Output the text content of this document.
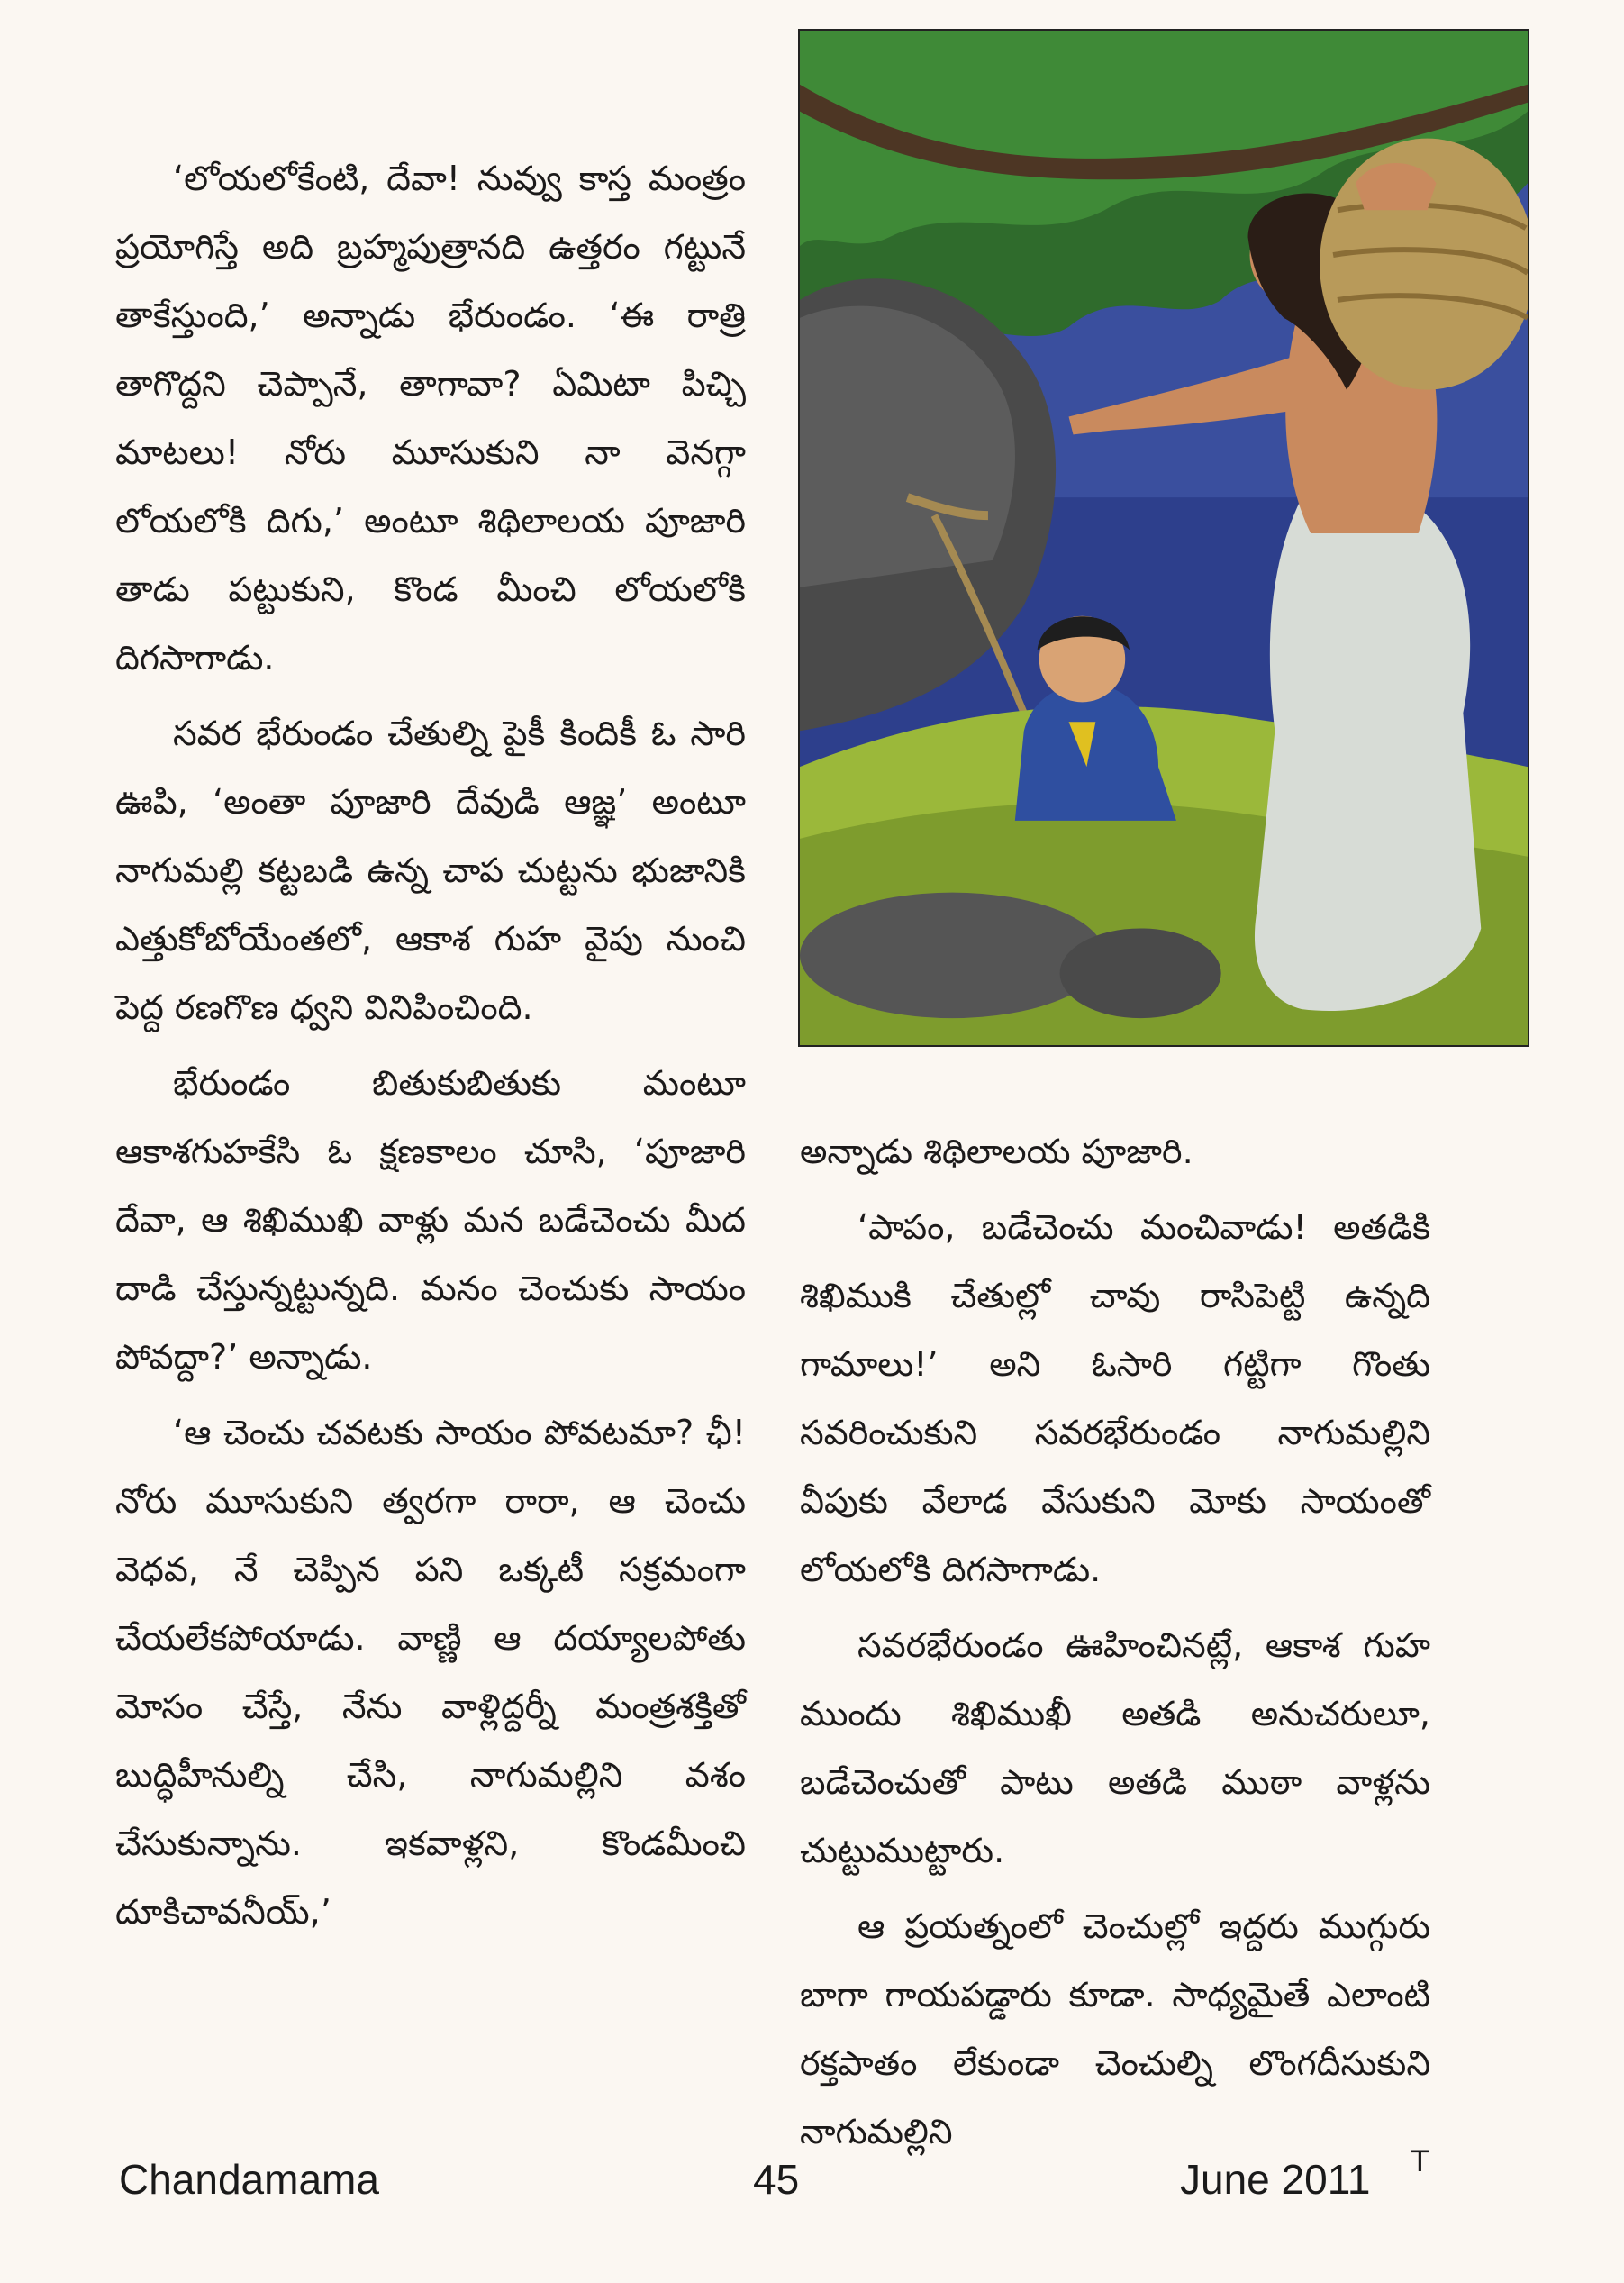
‘లోయలోకేంటి, దేవా! నువ్వు కాస్త మంత్రం ప్రయోగిస్తే అది బ్రహ్మపుత్రానది ఉత్తరం గట్టునే తాకేస్తుంది,’ అన్నాడు భేరుండం. ‘ఈ రాత్రి తాగొద్దని చెప్పానే, తాగావా? ఏమిటా పిచ్చి మాటలు! నోరు మూసుకుని నా వెనగ్గా లోయలోకి దిగు,’ అంటూ శిథిలాలయ పూజారి తాడు పట్టుకుని, కొండ మీంచి లోయలోకి దిగసాగాడు.

సవర భేరుండం చేతుల్ని పైకీ కిందికీ ఓ సారి ఊపి, ‘అంతా పూజారి దేవుడి ఆజ్ఞ’ అంటూ నాగుమల్లి కట్టబడి ఉన్న చాప చుట్టను భుజానికి ఎత్తుకోబోయేంతలో, ఆకాశ గుహ వైపు నుంచి పెద్ద రణగొణ ధ్వని వినిపించింది.

భేరుండం బితుకుబితుకు మంటూ ఆకాశగుహకేసి ఓ క్షణకాలం చూసి, ‘పూజారి దేవా, ఆ శిఖిముఖి వాళ్లు మన బడేచెంచు మీద దాడి చేస్తున్నట్టున్నది. మనం చెంచుకు సాయం పోవద్దా?’ అన్నాడు.

‘ఆ చెంచు చవటకు సాయం పోవటమా? ఛీ! నోరు మూసుకుని త్వరగా రారా, ఆ చెంచు వెధవ, నే చెప్పిన పని ఒక్కటీ సక్రమంగా చేయలేకపోయాడు. వాణ్ణి ఆ దయ్యాలపోతు మోసం చేస్తే, నేను వాళ్లిద్దర్నీ మంత్రశక్తితో బుద్ధిహీనుల్ని చేసి, నాగుమల్లిని వశం చేసుకున్నాను. ఇకవాళ్లని, కొండమీంచి దూకిచావనీయ్,’

అన్నాడు శిథిలాలయ పూజారి.

‘పాపం, బడేచెంచు మంచివాడు! అతడికి శిఖిముకి చేతుల్లో చావు రాసిపెట్టి ఉన్నది గామాలు!’ అని ఓసారి గట్టిగా గొంతు సవరించుకుని సవరభేరుండం నాగుమల్లిని వీపుకు వేలాడ వేసుకుని మోకు సాయంతో లోయలోకి దిగసాగాడు.

సవరభేరుండం ఊహించినట్లే, ఆకాశ గుహ ముందు శిఖిముఖీ అతడి అనుచరులూ, బడేచెంచుతో పాటు అతడి ముఠా వాళ్లను చుట్టుముట్టారు.

ఆ ప్రయత్నంలో చెంచుల్లో ఇద్దరు ముగ్గురు బాగా గాయపడ్డారు కూడా. సాధ్యమైతే ఎలాంటి రక్తపాతం లేకుండా చెంచుల్ని లొంగదీసుకుని నాగుమల్లిని

Chandamama	45	June 2011 T
